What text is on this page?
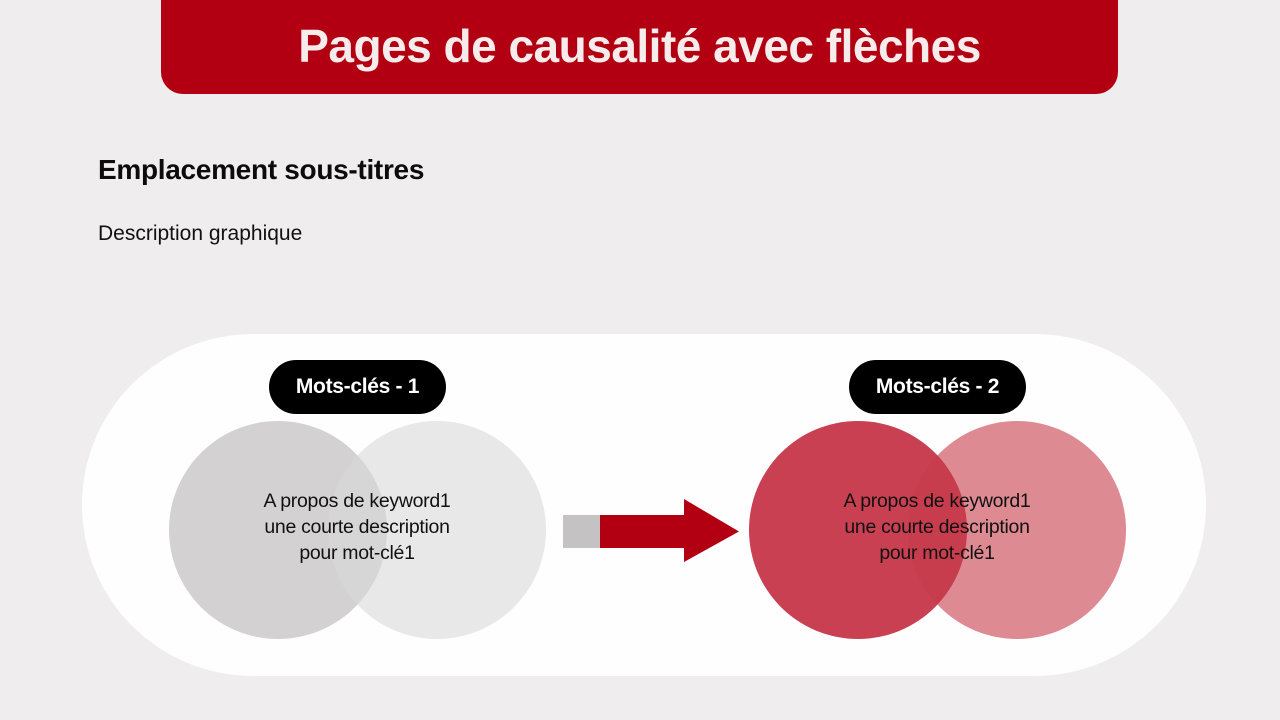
Pages de causalité avec flèches
Emplacement sous-titres
Description graphique
Mots-clés - 1
A propos de keyword1
une courte description
pour mot-clé1
Mots-clés - 2
A propos de keyword1
une courte description
pour mot-clé1
